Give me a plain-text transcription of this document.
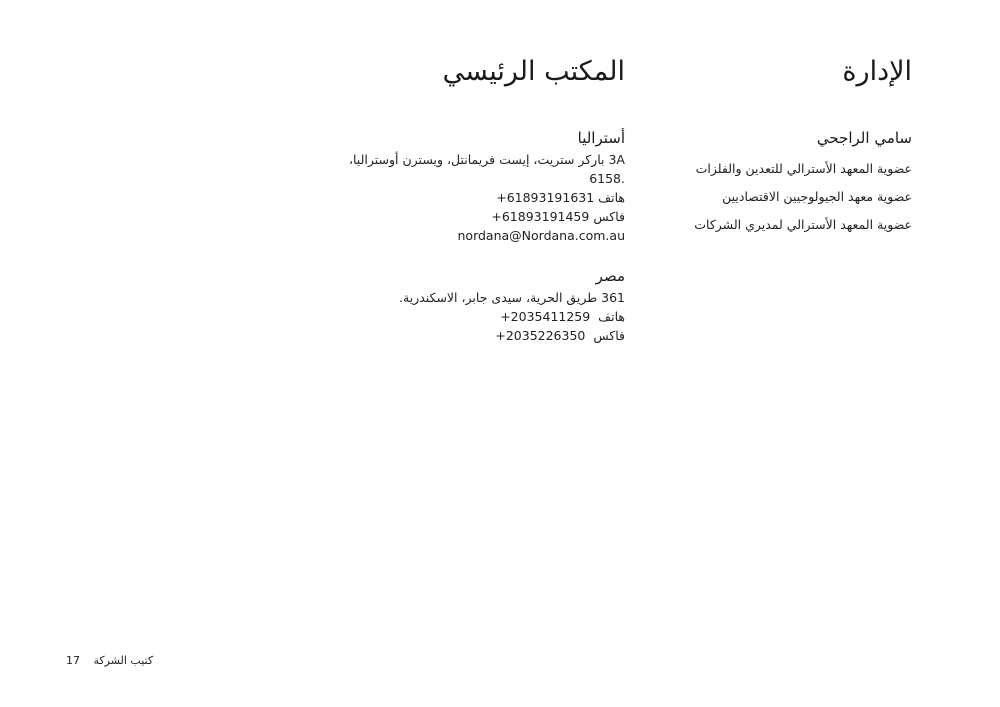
الإدارة
سامي الراجحي
عضوية المعهد الأسترالي للتعدين والفلزات
عضوية معهد الجيولوجيين الاقتصاديين
عضوية المعهد الأسترالي لمديري الشركات
المكتب الرئيسي
أستراليا
3A باركر ستريت، إيست فريمانتل، ويسترن أوستراليا،
.6158
هاتف +61893191631
فاكس +61893191459
nordana@Nordana.com.au
مصر
361 طريق الحرية، سيدى جابر، الاسكندرية.
هاتف  +2035411259
فاكس  +2035226350
17 كتيب الشركة
